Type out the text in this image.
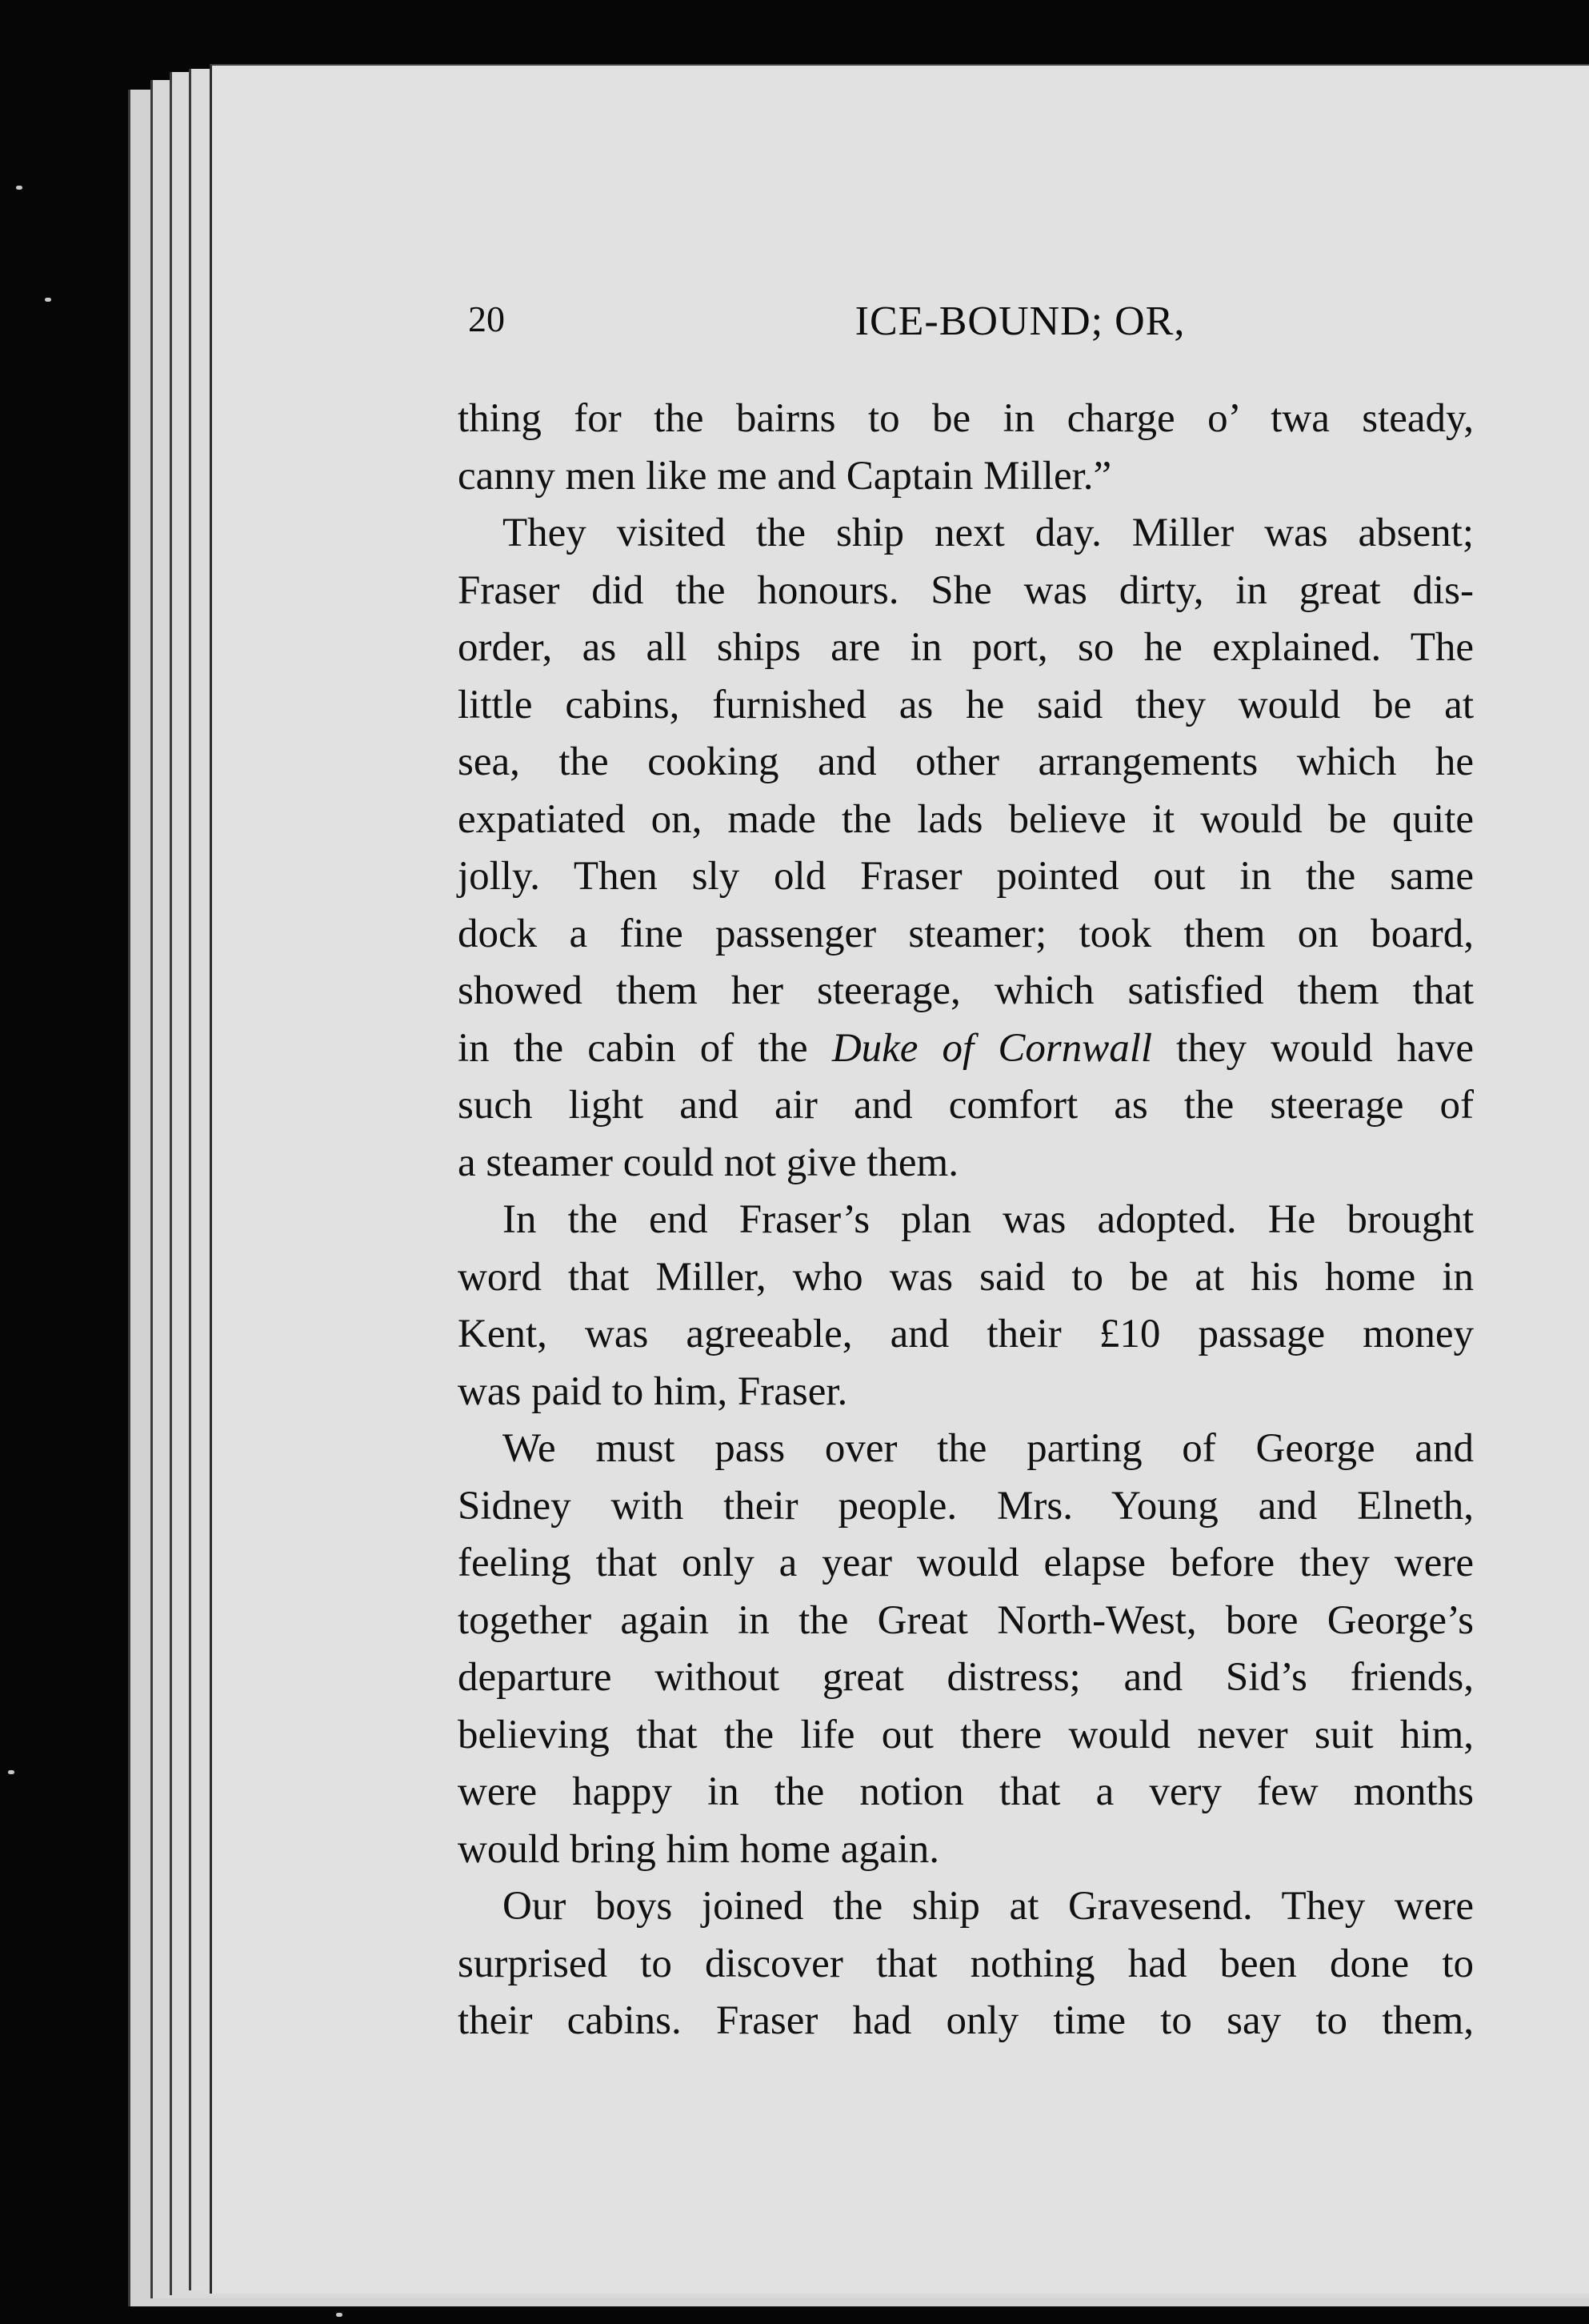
20	ICE-BOUND; OR,

thing for the bairns to be in charge o’ twa steady,
canny men like me and Captain Miller.”

They visited the ship next day. Miller was absent;
Fraser did the honours. She was dirty, in great dis-
order, as all ships are in port, so he explained. The
little cabins, furnished as he said they would be at
sea, the cooking and other arrangements which he
expatiated on, made the lads believe it would be quite
jolly. Then sly old Fraser pointed out in the same
dock a fine passenger steamer; took them on board,
showed them her steerage, which satisfied them that
in the cabin of the Duke of Cornwall they would have
such light and air and comfort as the steerage of
a steamer could not give them.

In the end Fraser’s plan was adopted. He brought
word that Miller, who was said to be at his home in
Kent, was agreeable, and their £10 passage money
was paid to him, Fraser.

We must pass over the parting of George and
Sidney with their people. Mrs. Young and Elneth,
feeling that only a year would elapse before they were
together again in the Great North-West, bore George’s
departure without great distress; and Sid’s friends,
believing that the life out there would never suit him,
were happy in the notion that a very few months
would bring him home again.

Our boys joined the ship at Gravesend. They were
surprised to discover that nothing had been done to
their cabins. Fraser had only time to say to them,
